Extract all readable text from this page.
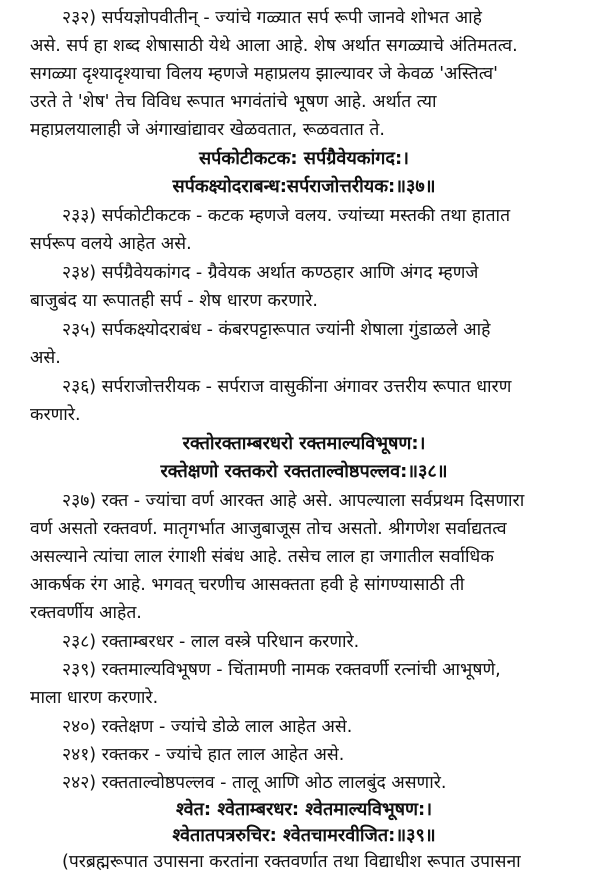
२३२) सर्पयज्ञोपवीतीन् - ज्यांचे गळ्यात सर्प रूपी जानवे शोभत आहे
असे. सर्प हा शब्द शेषासाठी येथे आला आहे. शेष अर्थात सगळ्याचे अंतिमतत्व.
सगळ्या दृश्यादृश्याचा विलय म्हणजे महाप्रलय झाल्यावर जे केवळ 'अस्तित्व'
उरते ते 'शेष' तेच विविध रूपात भगवंतांचे भूषण आहे. अर्थात त्या
महाप्रलयालाही जे अंगाखांद्यावर खेळवतात, रूळवतात ते.
सर्पकोटीकटक: सर्पग्रैवेयकांगद:।
सर्पकक्ष्योदराबन्ध:सर्पराजोत्तरीयक:॥३७॥
२३३) सर्पकोटीकटक - कटक म्हणजे वलय. ज्यांच्या मस्तकी तथा हातात
सर्परूप वलये आहेत असे.
२३४) सर्पग्रैवेयकांगद - ग्रैवेयक अर्थात कण्ठहार आणि अंगद म्हणजे
बाजुबंद या रूपातही सर्प - शेष धारण करणारे.
२३५) सर्पकक्ष्योदराबंध - कंबरपट्टारूपात ज्यांनी शेषाला गुंडाळले आहे
असे.
२३६) सर्पराजोत्तरीयक - सर्पराज वासुकींना अंगावर उत्तरीय रूपात धारण
करणारे.
रक्तोरक्ताम्बरधरो रक्तमाल्यविभूषण:।
रक्तेक्षणो रक्तकरो रक्तताल्वोष्ठपल्लव:॥३८॥
२३७) रक्त - ज्यांचा वर्ण आरक्त आहे असे. आपल्याला सर्वप्रथम दिसणारा
वर्ण असतो रक्तवर्ण. मातृगर्भात आजुबाजूस तोच असतो. श्रीगणेश सर्वाद्यतत्व
असल्याने त्यांचा लाल रंगाशी संबंध आहे. तसेच लाल हा जगातील सर्वाधिक
आकर्षक रंग आहे. भगवत् चरणीच आसक्तता हवी हे सांगण्यासाठी ती
रक्तवर्णीय आहेत.
२३८) रक्ताम्बरधर - लाल वस्त्रे परिधान करणारे.
२३९) रक्तमाल्यविभूषण - चिंतामणी नामक रक्तवर्णी रत्नांची आभूषणे,
माला धारण करणारे.
२४०) रक्तेक्षण - ज्यांचे डोळे लाल आहेत असे.
२४१) रक्तकर - ज्यांचे हात लाल आहेत असे.
२४२) रक्तताल्वोष्ठपल्लव - तालू आणि ओठ लालबुंद असणारे.
श्वेत: श्वेताम्बरधर: श्वेतमाल्यविभूषण:।
श्वेतातपत्ररुचिर: श्वेतचामरवीजित:॥३९॥
(परब्रह्मरूपात उपासना करतांना रक्तवर्णात तथा विद्याधीश रूपात उपासना
